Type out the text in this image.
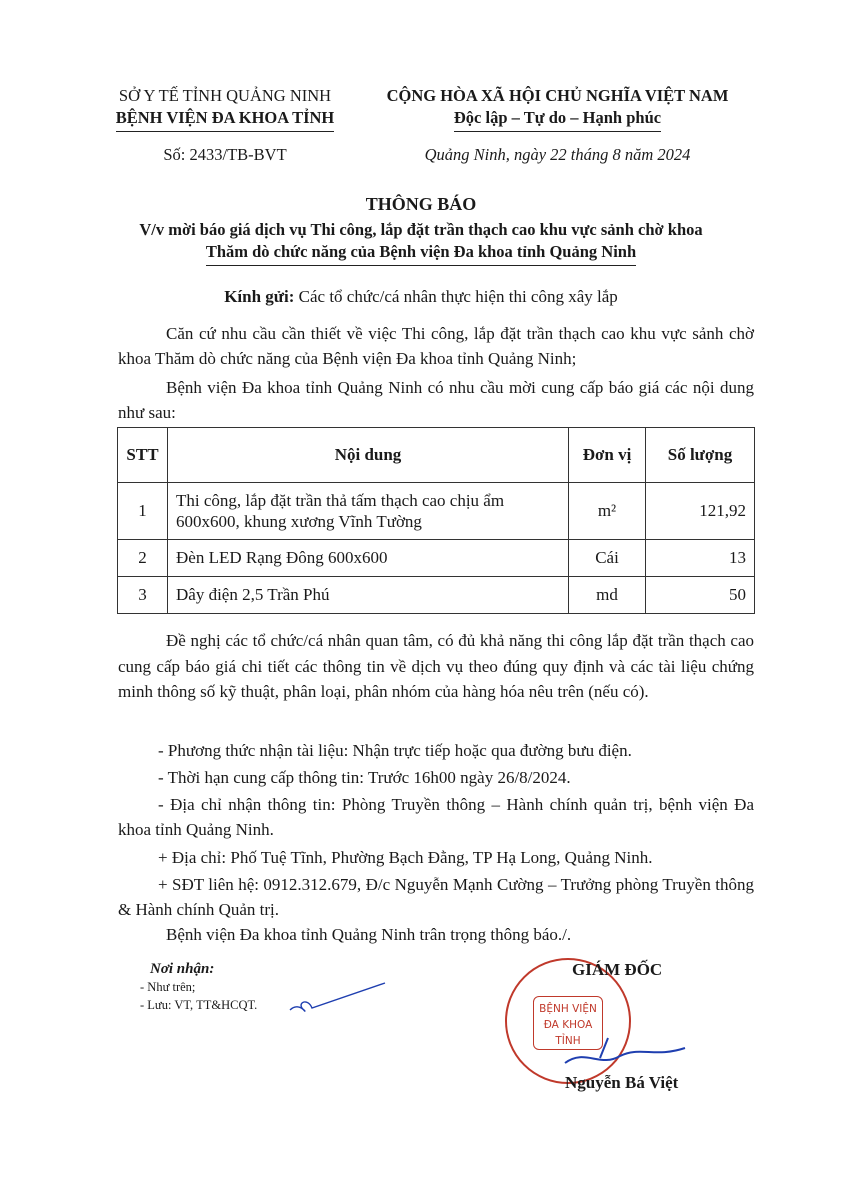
SỞ Y TẾ TỈNH QUẢNG NINH
BỆNH VIỆN ĐA KHOA TỈNH
Số: 2433/TB-BVT
CỘNG HÒA XÃ HỘI CHỦ NGHĨA VIỆT NAM
Độc lập – Tự do – Hạnh phúc
Quảng Ninh, ngày 22 tháng 8 năm 2024
THÔNG BÁO
V/v mời báo giá dịch vụ Thi công, lắp đặt trần thạch cao khu vực sảnh chờ khoa
Thăm dò chức năng của Bệnh viện Đa khoa tỉnh Quảng Ninh
Kính gửi: Các tổ chức/cá nhân thực hiện thi công xây lắp
Căn cứ nhu cầu cần thiết về việc Thi công, lắp đặt trần thạch cao khu vực sảnh chờ khoa Thăm dò chức năng của Bệnh viện Đa khoa tỉnh Quảng Ninh;
Bệnh viện Đa khoa tỉnh Quảng Ninh có nhu cầu mời cung cấp báo giá các nội dung như sau:
STT	Nội dung	Đơn vị	Số lượng
1	Thi công, lắp đặt trần thả tấm thạch cao chịu ẩm 600x600, khung xương Vĩnh Tường	m²	121,92
2	Đèn LED Rạng Đông 600x600	Cái	13
3	Dây điện 2,5 Trần Phú	md	50
Đề nghị các tổ chức/cá nhân quan tâm, có đủ khả năng thi công lắp đặt trần thạch cao cung cấp báo giá chi tiết các thông tin về dịch vụ theo đúng quy định và các tài liệu chứng minh thông số kỹ thuật, phân loại, phân nhóm của hàng hóa nêu trên (nếu có).
- Phương thức nhận tài liệu: Nhận trực tiếp hoặc qua đường bưu điện.
- Thời hạn cung cấp thông tin: Trước 16h00 ngày 26/8/2024.
- Địa chỉ nhận thông tin: Phòng Truyền thông – Hành chính quản trị, bệnh viện Đa khoa tỉnh Quảng Ninh.
+ Địa chỉ: Phố Tuệ Tĩnh, Phường Bạch Đằng, TP Hạ Long, Quảng Ninh.
+ SĐT liên hệ: 0912.312.679, Đ/c Nguyễn Mạnh Cường – Trưởng phòng Truyền thông & Hành chính Quản trị.
Bệnh viện Đa khoa tỉnh Quảng Ninh trân trọng thông báo./.
Nơi nhận:
- Như trên;
- Lưu: VT, TT&HCQT.	BỆNH VIỆN
ĐA KHOA TỈNH
GIÁM ĐỐC
Nguyễn Bá Việt
